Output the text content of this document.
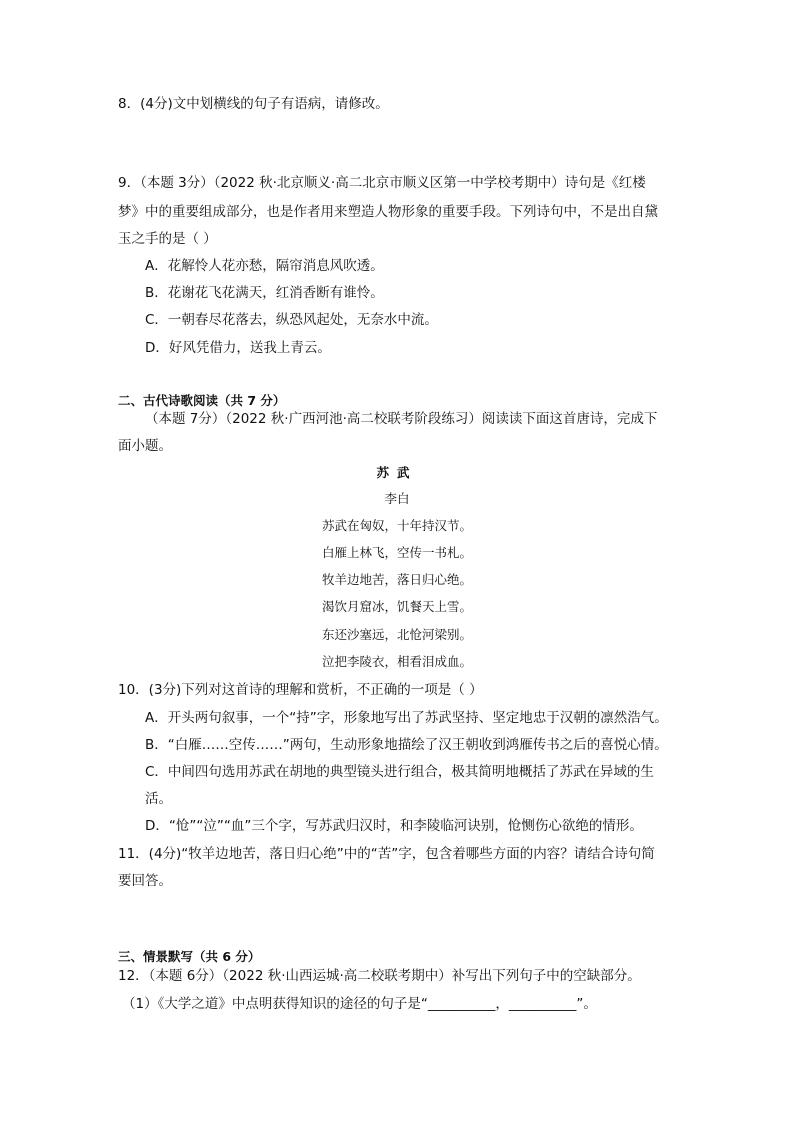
8．(4分)文中划横线的句子有语病，请修改。
9．（本题 3分）（2022 秋·北京顺义·高二北京市顺义区第一中学校考期中）诗句是《红楼
梦》中的重要组成部分，也是作者用来塑造人物形象的重要手段。下列诗句中，不是出自黛
玉之手的是（ ）
A．花解怜人花亦愁，隔帘消息风吹透。
B．花谢花飞花满天，红消香断有谁怜。
C．一朝春尽花落去，纵恐风起处，无奈水中流。
D．好风凭借力，送我上青云。
二、古代诗歌阅读（共 7 分）
（本题 7分）（2022 秋·广西河池·高二校联考阶段练习）阅读读下面这首唐诗，完成下
面小题。
苏武
李白
苏武在匈奴，十年持汉节。
白雁上林飞，空传一书札。
牧羊边地苦，落日归心绝。
渴饮月窟冰，饥餐天上雪。
东还沙塞远，北怆河梁别。
泣把李陵衣，相看泪成血。
10．(3分)下列对这首诗的理解和赏析，不正确的一项是（ ）
A．开头两句叙事，一个“持”字，形象地写出了苏武坚持、坚定地忠于汉朝的凛然浩气。
B．“白雁……空传……”两句，生动形象地描绘了汉王朝收到鸿雁传书之后的喜悦心情。
C．中间四句选用苏武在胡地的典型镜头进行组合，极其简明地概括了苏武在异域的生
活。
D．“怆”“泣”“血”三个字，写苏武归汉时，和李陵临河诀别，怆恻伤心欲绝的情形。
11．(4分)“牧羊边地苦，落日归心绝”中的“苦”字，包含着哪些方面的内容？请结合诗句简
要回答。
三、情景默写（共 6 分）
12．（本题 6分）（2022 秋·山西运城·高二校联考期中）补写出下列句子中的空缺部分。
（1）《大学之道》中点明获得知识的途径的句子是“__________，__________”。
